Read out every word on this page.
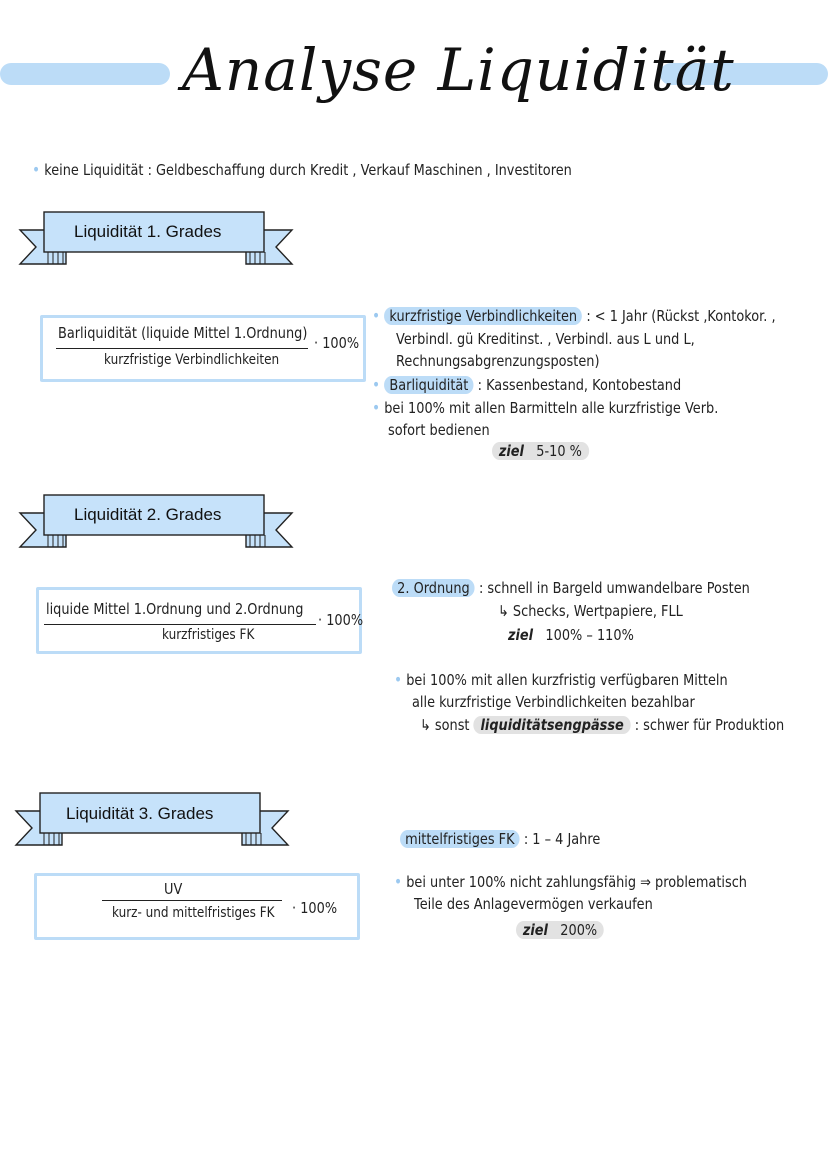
Analyse Liquidität
• keine Liquidität : Geldbeschaffung durch Kredit , Verkauf Maschinen , Investitoren
Liquidität 1. Grades
Barliquidität (liquide Mittel 1.Ordnung)
kurzfristige Verbindlichkeiten
· 100%
• kurzfristige Verbindlichkeiten : < 1 Jahr (Rückst ,Kontokor. ,
Verbindl. gü Kreditinst. , Verbindl. aus L und L,
Rechnungsabgrenzungsposten)
• Barliquidität : Kassenbestand, Kontobestand
• bei 100% mit allen Barmitteln alle kurzfristige Verb.
sofort bedienen
ziel 5-10 %
Liquidität 2. Grades
liquide Mittel 1.Ordnung und 2.Ordnung
kurzfristiges FK
· 100%
2. Ordnung : schnell in Bargeld umwandelbare Posten
↳ Schecks, Wertpapiere, FLL
ziel 100% – 110%
• bei 100% mit allen kurzfristig verfügbaren Mitteln
alle kurzfristige Verbindlichkeiten bezahlbar
↳ sonst liquiditätsengpässe : schwer für Produktion
Liquidität 3. Grades
UV
kurz- und mittelfristiges FK · 100%
mittelfristiges FK : 1 – 4 Jahre
• bei unter 100% nicht zahlungsfähig ⇒ problematisch
Teile des Anlagevermögen verkaufen
ziel 200%
